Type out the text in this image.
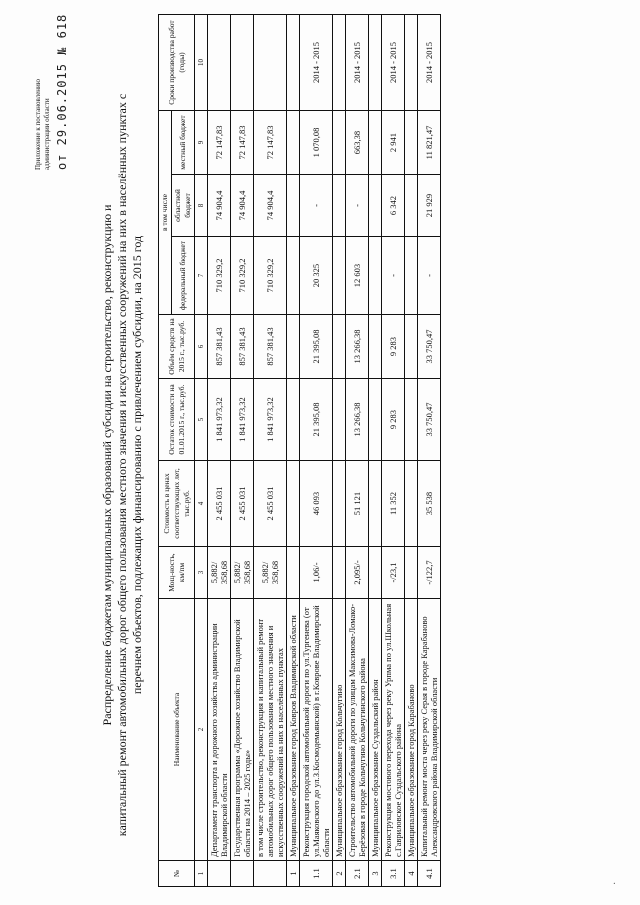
Приложение к постановлению администрации области от 29.06.2015 № 618
Распределение бюджетам муниципальных образований субсидии на строительство, реконструкцию и капитальный ремонт автомобильных дорог общего пользования местного значения и искусственных сооружений на них в населённых пунктах с перечнем объектов, подлежащих финансированию с привлечением субсидии, на 2015 год
№	Наименование объекта	Мощ-ность, км/пм	Стоимость в ценах соответствующих лет, тыс.руб.	Остаток стоимости на 01.01.2015 г., тыс.руб.	Объём средств на 2015 г., тыс.руб.	в том числе			Сроки производства работ (годы)
						федеральный бюджет	областной бюджет	местный бюджет	
1	2	3	4	5	6	7	8	9	10
	Департамент транспорта и дорожного хозяйства администрации Владимирской области	5,882/ 358,68	2 455 031	1 841 973,32	857 381,43	710 329,2	74 904,4	72 147,83	
	Государственная программа «Дорожное хозяйство Владимирской области на 2014 – 2025 годы»	5,882/ 358,68	2 455 031	1 841 973,32	857 381,43	710 329,2	74 904,4	72 147,83	
	в том числе строительство, реконструкция и капитальный ремонт автомобильных дорог общего пользования местного значения и искусственных сооружений на них в населённых пунктах	5,882/ 358,68	2 455 031	1 841 973,32	857 381,43	710 329,2	74 904,4	72 147,83	
1	Муниципальное образование город Ковров Владимирской области								
1.1	Реконструкция городской автомобильной дороги по ул.Тургенева (от ул.Маяковского до ул.З.Космодемьянской) в г.Коврове Владимирской области	1,06/-	46 093	21 395,08	21 395,08	20 325	-	1 070,08	2014 - 2015
2	Муниципальное образование город Кольчугино								
2.1	Строительство автомобильной дороги по улицам Максимова-Ломако-Берёзовая в городе Кольчугино Кольчугинского района	2,095/-	51 121	13 266,38	13 266,38	12 603	-	663,38	2014 - 2015
3	Муниципальное образование Суздальский район								
3.1	Реконструкция мостового перехода через реку Урпма по ул.Школьная с.Гавриловское Суздальского района	-/23,1	11 352	9 283	9 283	-	6 342	2 941	2014 - 2015
4	Муниципальное образование город Карабаново								
4.1	Капитальный ремонт моста через реку Серая в городе Карабаново Александровского района Владимирской области	-/122,7	35 538	33 750,47	33 750,47	-	21 929	11 821,47	2014 - 2015
·
